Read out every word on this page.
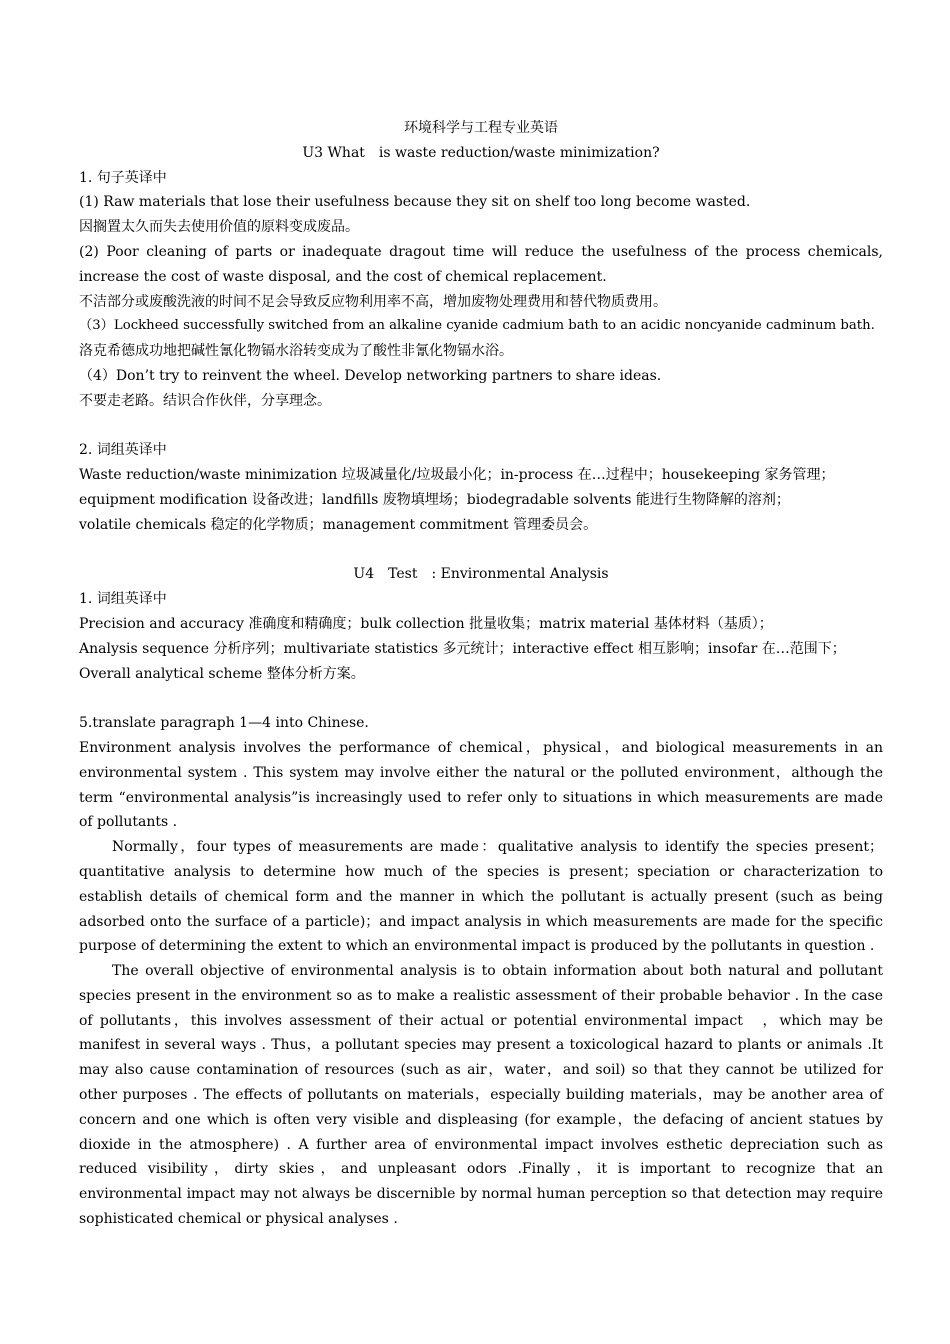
环境科学与工程专业英语
U3 What　is waste reduction/waste minimization?
1. 句子英译中
(1) Raw materials that lose their usefulness because they sit on shelf too long become wasted.
因搁置太久而失去使用价值的原料变成废品。
(2) Poor cleaning of parts or inadequate dragout time will reduce the usefulness of the process chemicals, increase the cost of waste disposal, and the cost of chemical replacement.
不洁部分或废酸洗液的时间不足会导致反应物利用率不高，增加废物处理费用和替代物质费用。
（3）Lockheed successfully switched from an alkaline cyanide cadmium bath to an acidic noncyanide cadminum bath.
洛克希德成功地把碱性氰化物镉水浴转变成为了酸性非氰化物镉水浴。
（4）Don’t try to reinvent the wheel. Develop networking partners to share ideas.
不要走老路。结识合作伙伴，分享理念。
2. 词组英译中
Waste reduction/waste minimization 垃圾减量化/垃圾最小化；in-process 在…过程中；housekeeping 家务管理；
equipment modification 设备改进；landfills 废物填埋场；biodegradable solvents 能进行生物降解的溶剂；
volatile chemicals 稳定的化学物质；management commitment 管理委员会。
U4　Test　: Environmental Analysis
1. 词组英译中
Precision and accuracy 准确度和精确度；bulk collection 批量收集；matrix material 基体材料（基质）；
Analysis sequence 分析序列；multivariate statistics 多元统计；interactive effect 相互影响；insofar 在…范围下；
Overall analytical scheme 整体分析方案。
5.translate paragraph 1—4 into Chinese.
Environment analysis involves the performance of chemical，physical，and biological measurements in an environmental system . This system may involve either the natural or the polluted environment，although the term “environmental analysis”is increasingly used to refer only to situations in which measurements are made of pollutants .
Normally，four types of measurements are made：qualitative analysis to identify the species present；quantitative analysis to determine how much of the species is present；speciation or characterization to establish details of chemical form and the manner in which the pollutant is actually present (such as being adsorbed onto the surface of a particle)；and impact analysis in which measurements are made for the specific purpose of determining the extent to which an environmental impact is produced by the pollutants in question .
The overall objective of environmental analysis is to obtain information about both natural and pollutant species present in the environment so as to make a realistic assessment of their probable behavior . In the case of pollutants，this involves assessment of their actual or potential environmental impact　，which may be manifest in several ways . Thus，a pollutant species may present a toxicological hazard to plants or animals .It may also cause contamination of resources (such as air，water，and soil) so that they cannot be utilized for other purposes . The effects of pollutants on materials，especially building materials，may be another area of concern and one which is often very visible and displeasing (for example，the defacing of ancient statues by dioxide in the atmosphere) . A further area of environmental impact involves esthetic depreciation such as reduced visibility，dirty skies，and unpleasant odors .Finally，it is important to recognize that an environmental impact may not always be discernible by normal human perception so that detection may require sophisticated chemical or physical analyses .
